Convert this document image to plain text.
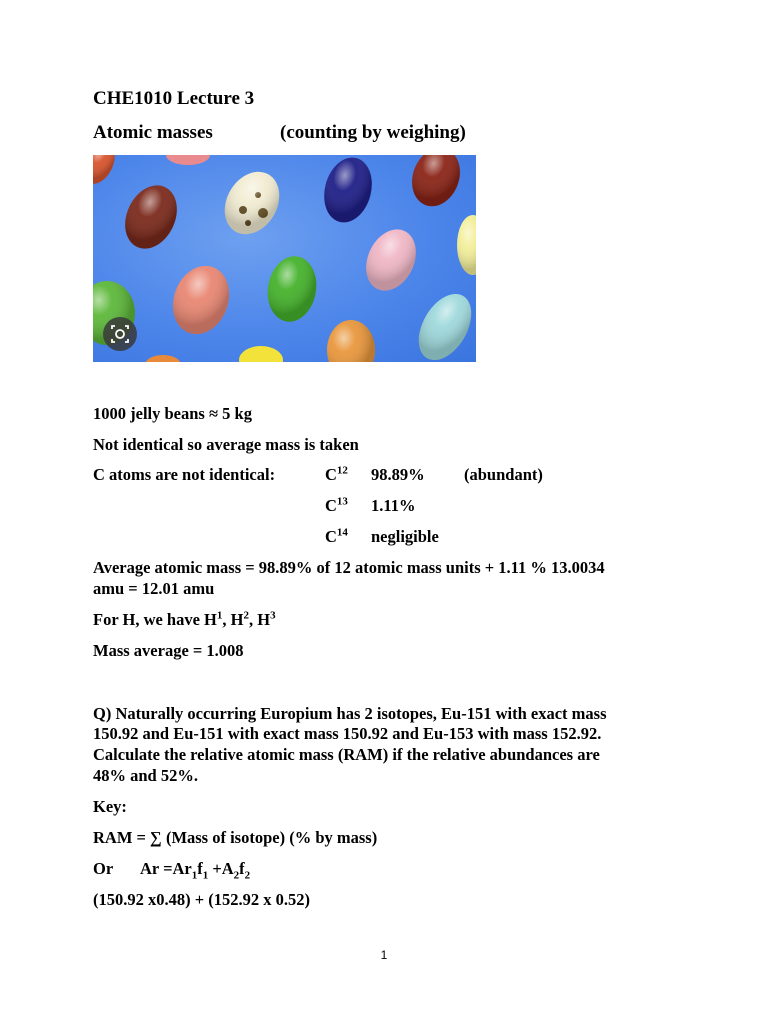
CHE1010 Lecture 3

Atomic masses	(counting by weighing)

1000 jelly beans ≈ 5 kg

Not identical so average mass is taken

C atoms are not identical:	$C^{12}$ 98.89% (abundant)

$C^{13}$ 1.11%

$C^{14}$ negligible

Average atomic mass = 98.89% of 12 atomic mass units + 1.11 % 13.0034

amu = 12.01 amu

For H, we have $H^1$, $H^2$, $H^3$

Mass average = 1.008

Q) Naturally occurring Europium has 2 isotopes, Eu-151 with exact mass

150.92 and Eu-151 with exact mass 150.92 and Eu-153 with mass 152.92.

Calculate the relative atomic mass (RAM) if the relative abundances are

48% and 52%.

Key:

RAM = ∑ (Mass of isotope) (% by mass)

Or $Ar =Ar_1f_1 +A_2f_2$

(150.92 x0.48) + (152.92 x 0.52)

1
